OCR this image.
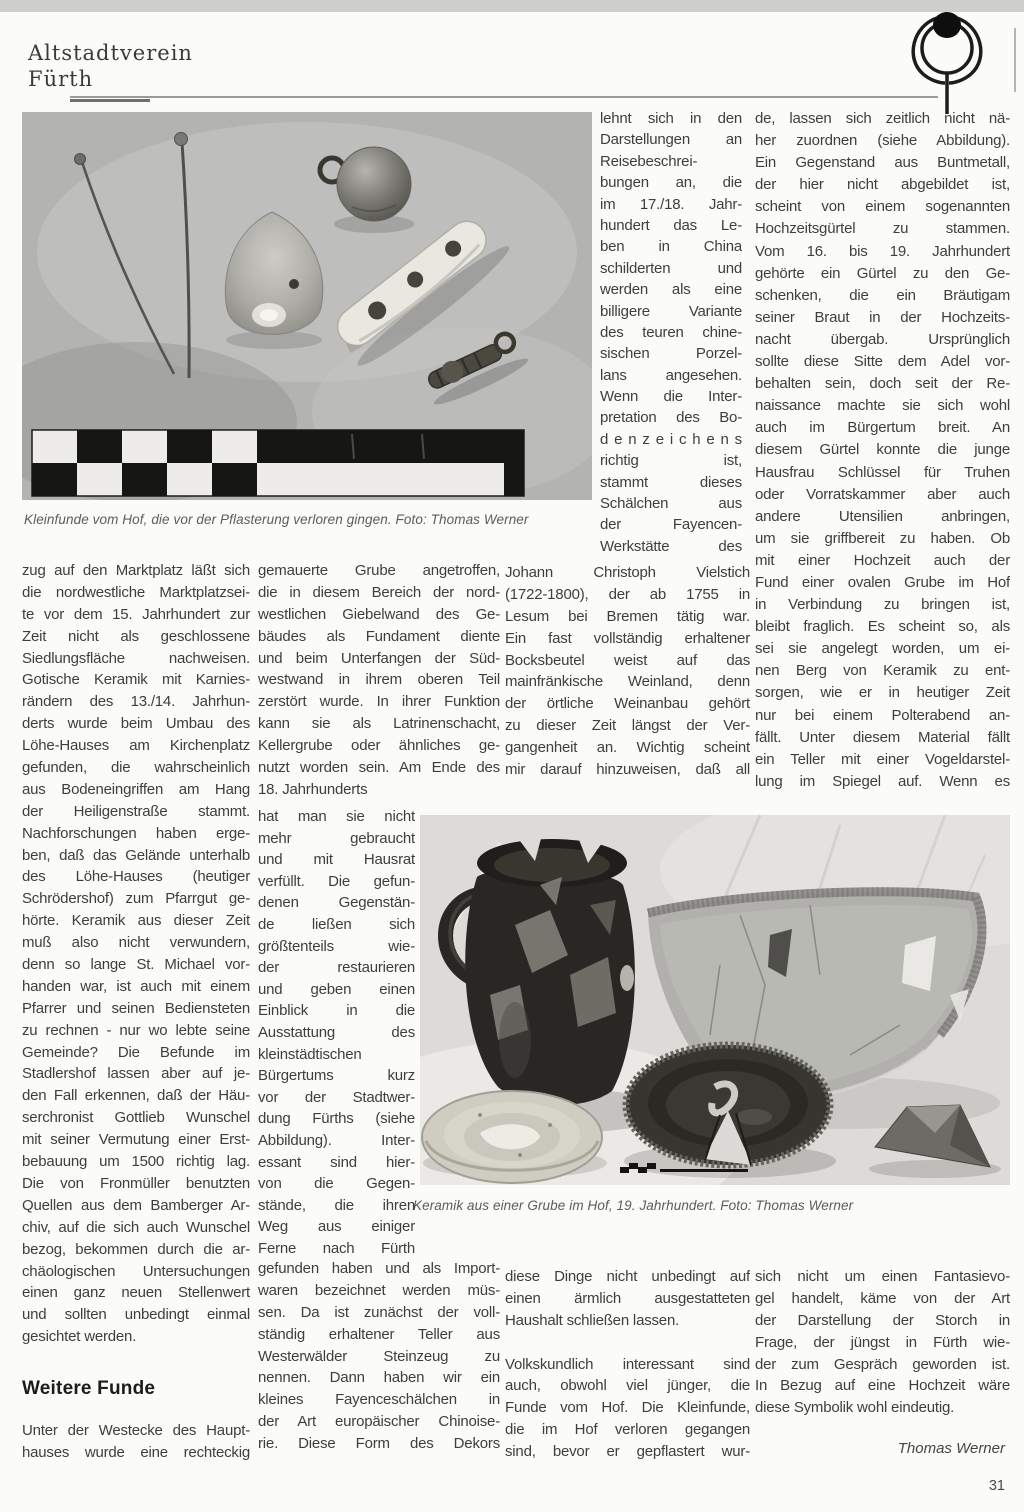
Altstadtverein
Fürth
Kleinfunde vom Hof, die vor der Pflasterung verloren gingen. Foto: Thomas Werner
Keramik aus einer Grube im Hof, 19. Jahrhundert. Foto: Thomas Werner
zug auf den Marktplatz läßt sich
die nordwestliche Marktplatzsei-
te vor dem 15. Jahrhundert zur
Zeit nicht als geschlossene
Siedlungsfläche nachweisen.
Gotische Keramik mit Karnies-
rändern des 13./14. Jahrhun-
derts wurde beim Umbau des
Löhe-Hauses am Kirchenplatz
gefunden, die wahrscheinlich
aus Bodeneingriffen am Hang
der Heiligenstraße stammt.
Nachforschungen haben erge-
ben, daß das Gelände unterhalb
des Löhe-Hauses (heutiger
Schrödershof) zum Pfarrgut ge-
hörte. Keramik aus dieser Zeit
muß also nicht verwundern,
denn so lange St. Michael vor-
handen war, ist auch mit einem
Pfarrer und seinen Bediensteten
zu rechnen - nur wo lebte seine
Gemeinde? Die Befunde im
Stadlershof lassen aber auf je-
den Fall erkennen, daß der Häu-
serchronist Gottlieb Wunschel
mit seiner Vermutung einer Erst-
bebauung um 1500 richtig lag.
Die von Fronmüller benutzten
Quellen aus dem Bamberger Ar-
chiv, auf die sich auch Wunschel
bezog, bekommen durch die ar-
chäologischen Untersuchungen
einen ganz neuen Stellenwert
und sollten unbedingt einmal
gesichtet werden.
Weitere Funde
Unter der Westecke des Haupt-
hauses wurde eine rechteckig
gemauerte Grube angetroffen,
die in diesem Bereich der nord-
westlichen Giebelwand des Ge-
bäudes als Fundament diente
und beim Unterfangen der Süd-
westwand in ihrem oberen Teil
zerstört wurde. In ihrer Funktion
kann sie als Latrinenschacht,
Kellergrube oder ähnliches ge-
nutzt worden sein. Am Ende des
18. Jahrhunderts
hat man sie nicht
mehr gebraucht
und mit Hausrat
verfüllt. Die gefun-
denen Gegenstän-
de ließen sich
größtenteils wie-
der restaurieren
und geben einen
Einblick in die
Ausstattung des
kleinstädtischen
Bürgertums kurz
vor der Stadtwer-
dung Fürths (siehe
Abbildung). Inter-
essant sind hier-
von die Gegen-
stände, die ihren
Weg aus einiger
Ferne nach Fürth
gefunden haben und als Import-
waren bezeichnet werden müs-
sen. Da ist zunächst der voll-
ständig erhaltener Teller aus
Westerwälder Steinzeug zu
nennen. Dann haben wir ein
kleines Fayenceschälchen in
der Art europäischer Chinoise-
rie. Diese Form des Dekors
lehnt sich in den
Darstellungen an
Reisebeschrei-
bungen an, die
im 17./18. Jahr-
hundert das Le-
ben in China
schilderten und
werden als eine
billigere Variante
des teuren chine-
sischen Porzel-
lans angesehen.
Wenn die Inter-
pretation des Bo-
d e n z e i c h e n s
richtig ist,
stammt dieses
Schälchen aus
der Fayencen-
Werkstätte des
Johann Christoph Vielstich
(1722-1800), der ab 1755 in
Lesum bei Bremen tätig war.
Ein fast vollständig erhaltener
Bocksbeutel weist auf das
mainfränkische Weinland, denn
der örtliche Weinanbau gehört
zu dieser Zeit längst der Ver-
gangenheit an. Wichtig scheint
mir darauf hinzuweisen, daß all
diese Dinge nicht unbedingt auf
einen ärmlich ausgestatteten
Haushalt schließen lassen.

Volkskundlich interessant sind
auch, obwohl viel jünger, die
Funde vom Hof. Die Kleinfunde,
die im Hof verloren gegangen
sind, bevor er gepflastert wur-
de, lassen sich zeitlich nicht nä-
her zuordnen (siehe Abbildung).
Ein Gegenstand aus Buntmetall,
der hier nicht abgebildet ist,
scheint von einem sogenannten
Hochzeitsgürtel zu stammen.
Vom 16. bis 19. Jahrhundert
gehörte ein Gürtel zu den Ge-
schenken, die ein Bräutigam
seiner Braut in der Hochzeits-
nacht übergab. Ursprünglich
sollte diese Sitte dem Adel vor-
behalten sein, doch seit der Re-
naissance machte sie sich wohl
auch im Bürgertum breit. An
diesem Gürtel konnte die junge
Hausfrau Schlüssel für Truhen
oder Vorratskammer aber auch
andere Utensilien anbringen,
um sie griffbereit zu haben. Ob
mit einer Hochzeit auch der
Fund einer ovalen Grube im Hof
in Verbindung zu bringen ist,
bleibt fraglich. Es scheint so, als
sei sie angelegt worden, um ei-
nen Berg von Keramik zu ent-
sorgen, wie er in heutiger Zeit
nur bei einem Polterabend an-
fällt. Unter diesem Material fällt
ein Teller mit einer Vogeldarstel-
lung im Spiegel auf. Wenn es
sich nicht um einen Fantasievo-
gel handelt, käme von der Art
der Darstellung der Storch in
Frage, der jüngst in Fürth wie-
der zum Gespräch geworden ist.
In Bezug auf eine Hochzeit wäre
diese Symbolik wohl eindeutig.
Thomas Werner
31
